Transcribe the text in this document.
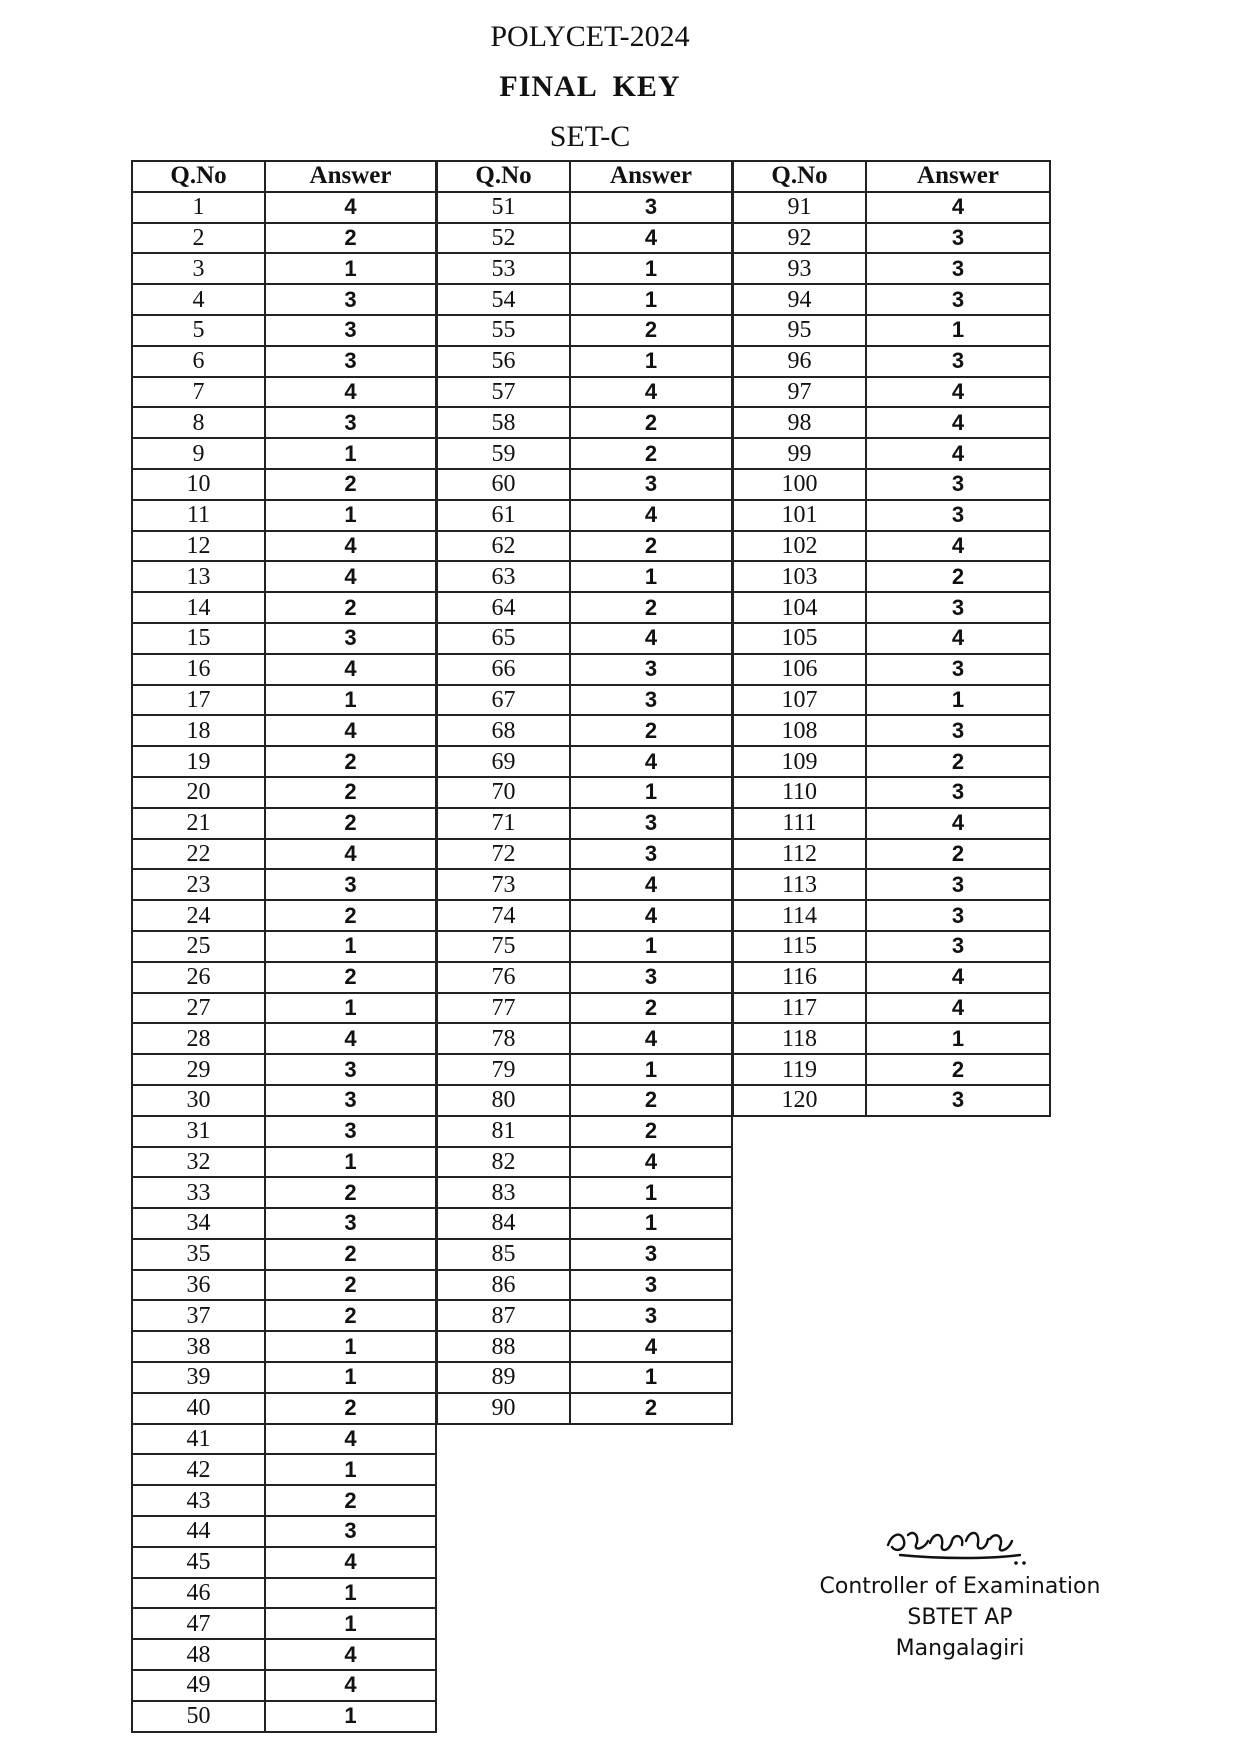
POLYCET-2024
FINAL KEY
SET-C
Q.No	Answer
1	4
2	2
3	1
4	3
5	3
6	3
7	4
8	3
9	1
10	2
11	1
12	4
13	4
14	2
15	3
16	4
17	1
18	4
19	2
20	2
21	2
22	4
23	3
24	2
25	1
26	2
27	1
28	4
29	3
30	3
31	3
32	1
33	2
34	3
35	2
36	2
37	2
38	1
39	1
40	2
41	4
42	1
43	2
44	3
45	4
46	1
47	1
48	4
49	4
50	1
Q.No	Answer
51	3
52	4
53	1
54	1
55	2
56	1
57	4
58	2
59	2
60	3
61	4
62	2
63	1
64	2
65	4
66	3
67	3
68	2
69	4
70	1
71	3
72	3
73	4
74	4
75	1
76	3
77	2
78	4
79	1
80	2
81	2
82	4
83	1
84	1
85	3
86	3
87	3
88	4
89	1
90	2
Q.No	Answer
91	4
92	3
93	3
94	3
95	1
96	3
97	4
98	4
99	4
100	3
101	3
102	4
103	2
104	3
105	4
106	3
107	1
108	3
109	2
110	3
111	4
112	2
113	3
114	3
115	3
116	4
117	4
118	1
119	2
120	3
Controller of Examination
SBTET AP
Mangalagiri
